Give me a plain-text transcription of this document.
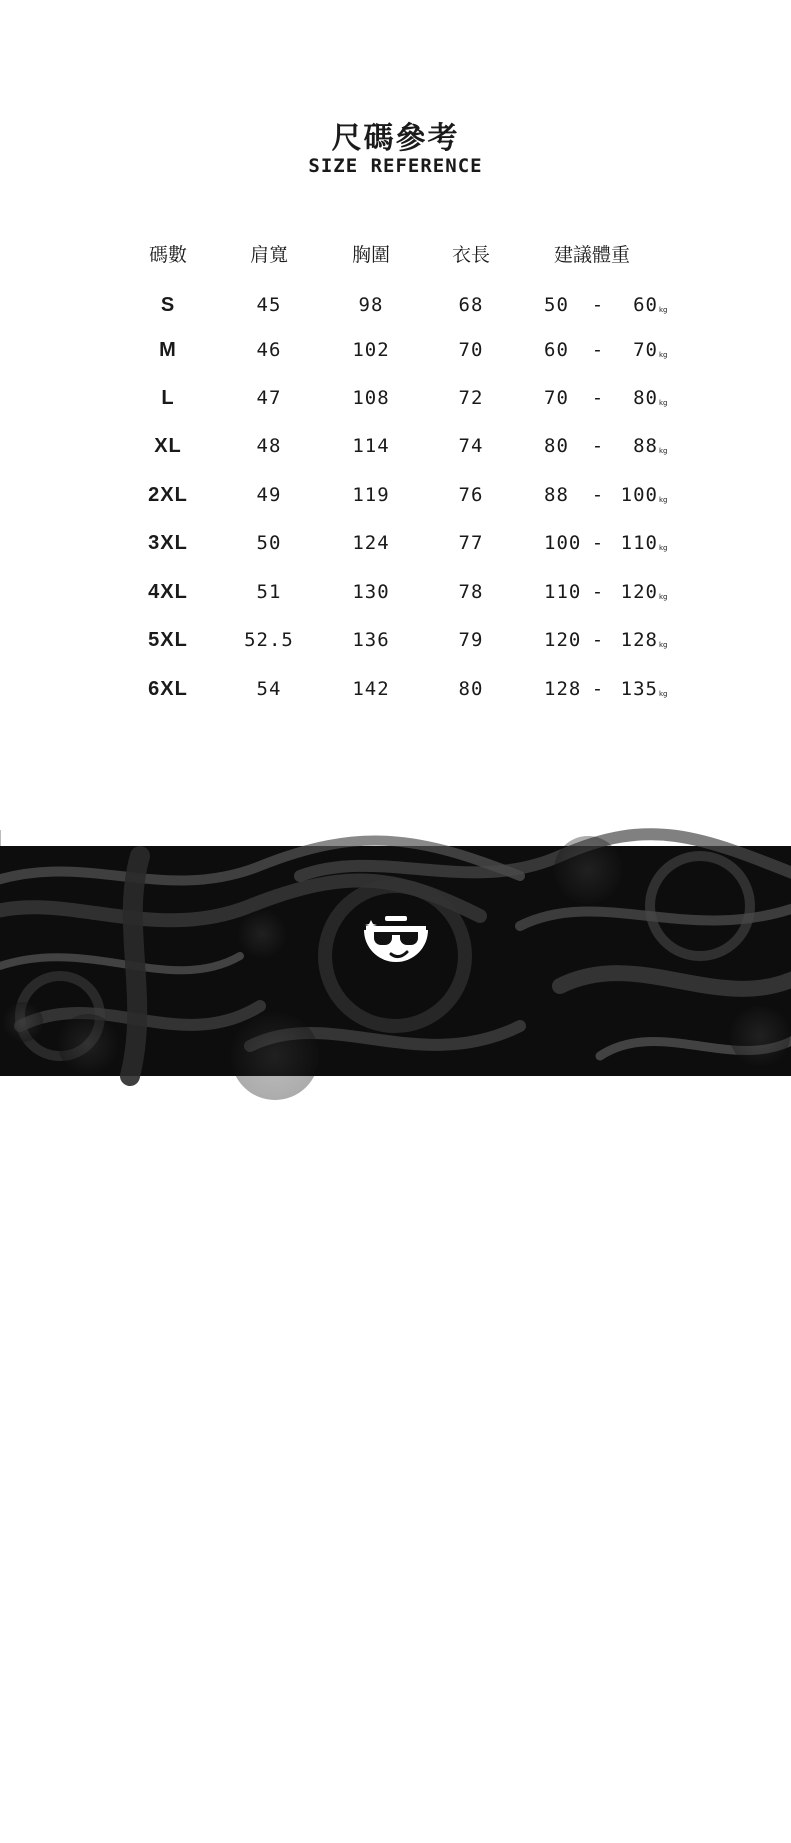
尺碼參考
SIZE REFERENCE
碼數	肩寬	胸圍	衣長	建議體重
S	45	98	68	50 - 60kg
M	46	102	70	60 - 70kg
L	47	108	72	70 - 80kg
XL	48	114	74	80 - 88kg
2XL	49	119	76	88 - 100kg
3XL	50	124	77	100 - 110kg
4XL	51	130	78	110 - 120kg
5XL	52.5	136	79	120 - 128kg
6XL	54	142	80	128 - 135kg
KERWATS®
